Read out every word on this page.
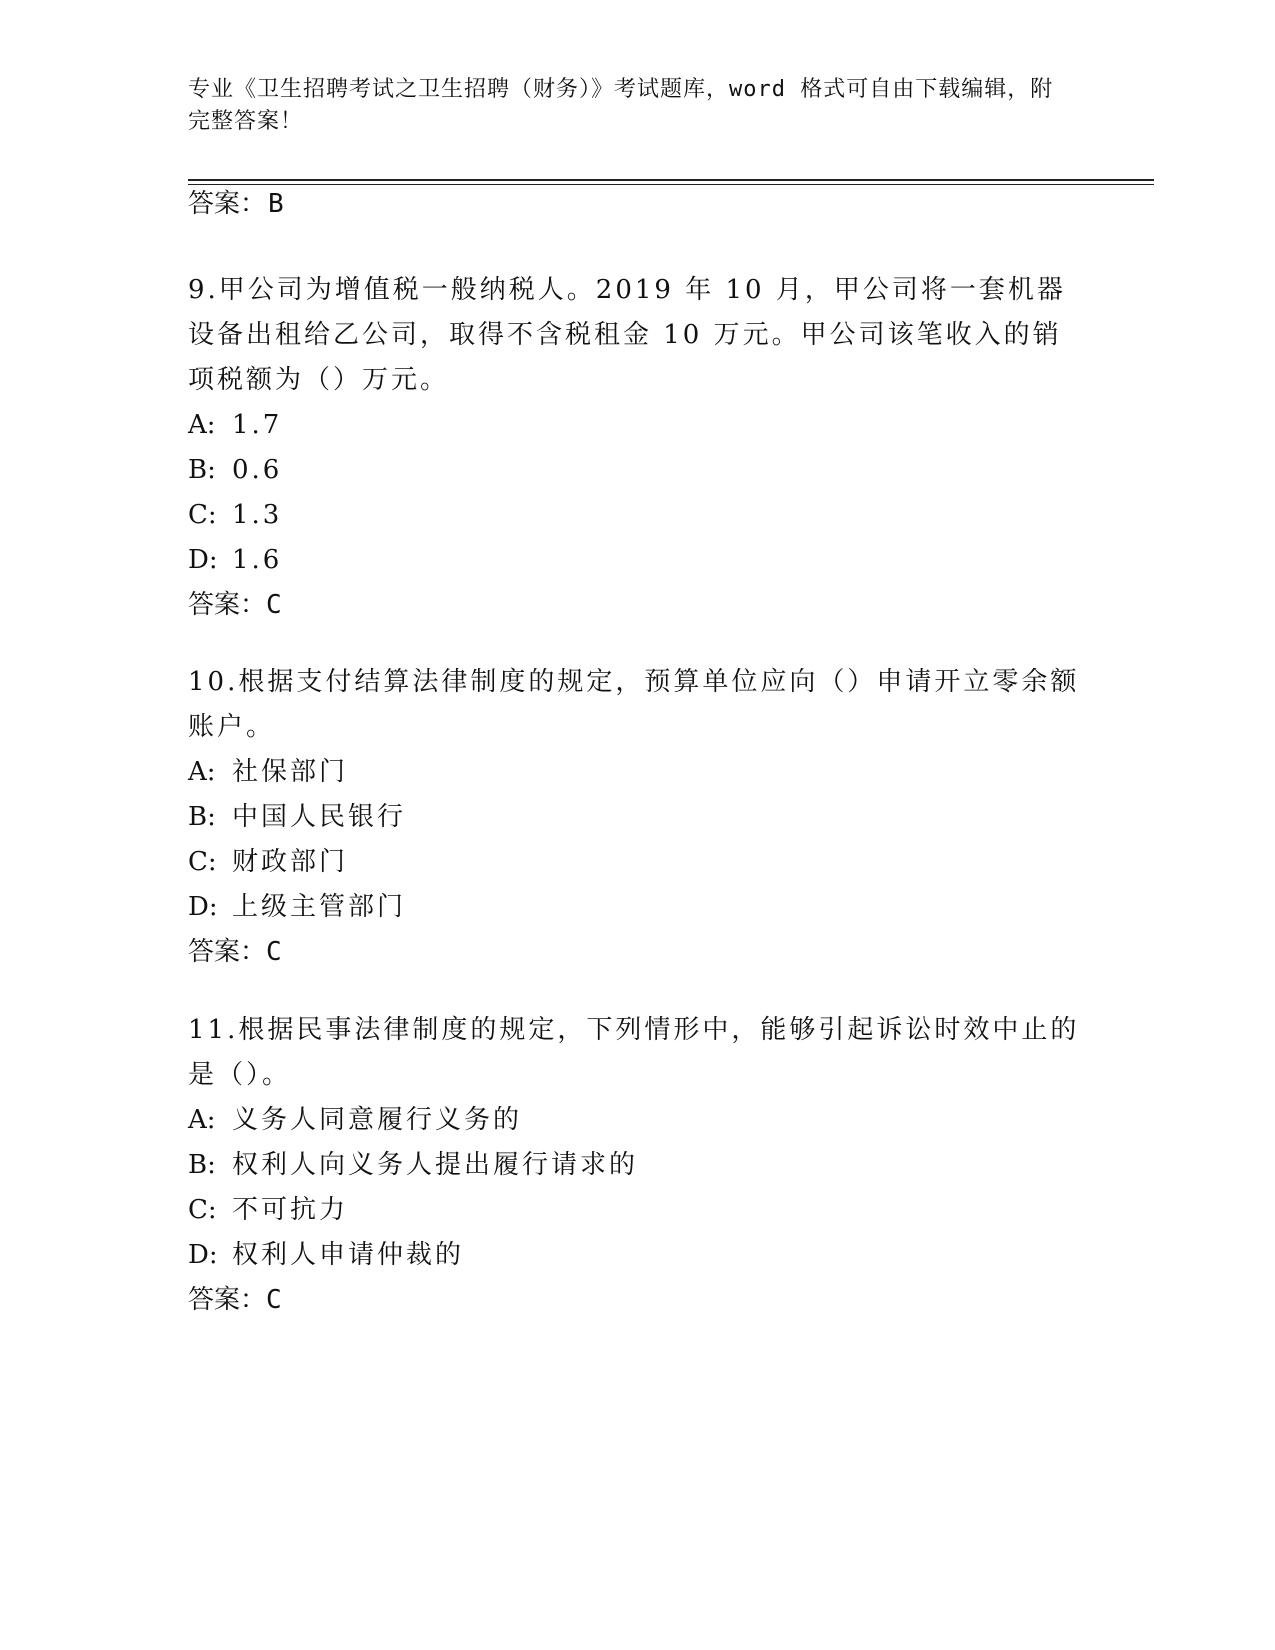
专业《卫生招聘考试之卫生招聘（财务）》考试题库，word 格式可自由下载编辑，附完整答案！
答案：B

9.甲公司为增值税一般纳税人。2019 年 10 月，甲公司将一套机器设备出租给乙公司，取得不含税租金 10 万元。甲公司该笔收入的销项税额为（）万元。

A: 1.7

B: 0.6

C: 1.3

D: 1.6

答案：C

10.根据支付结算法律制度的规定，预算单位应向（）申请开立零余额账户。

A: 社保部门

B: 中国人民银行

C: 财政部门

D: 上级主管部门

答案：C

11.根据民事法律制度的规定，下列情形中，能够引起诉讼时效中止的是（）。

A: 义务人同意履行义务的

B: 权利人向义务人提出履行请求的

C: 不可抗力

D: 权利人申请仲裁的

答案：C
